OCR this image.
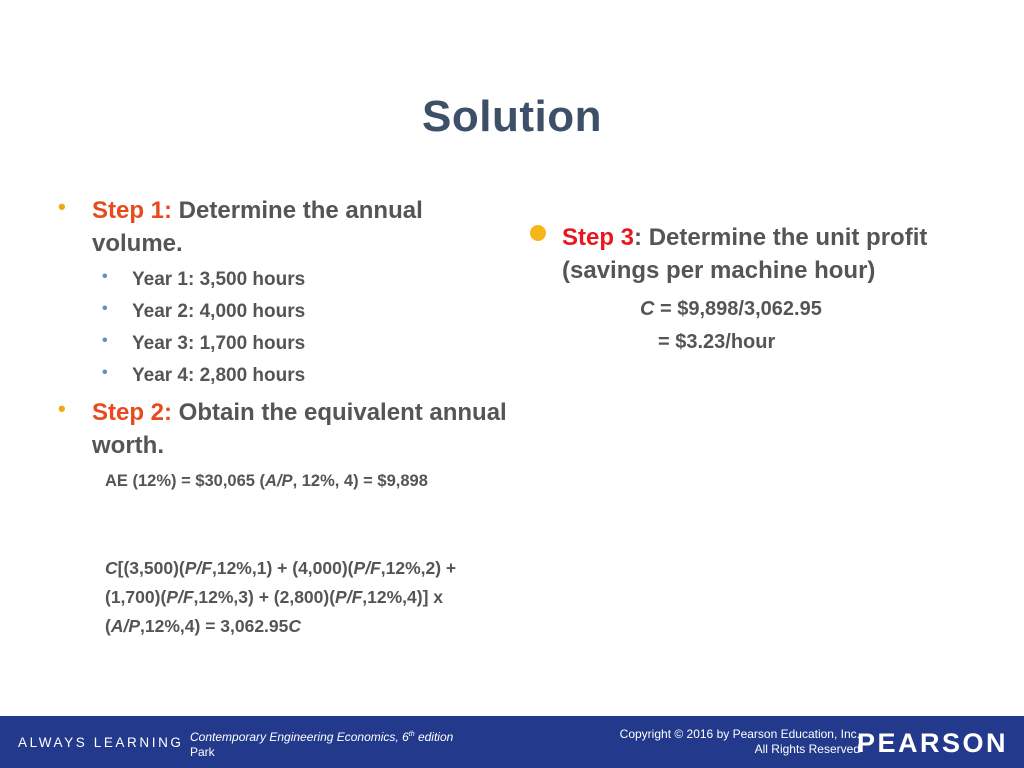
Solution
• Step 1: Determine the annual volume.
• Year 1: 3,500 hours
• Year 2: 4,000 hours
• Year 3: 1,700 hours
• Year 4: 2,800 hours
• Step 2: Obtain the equivalent annual worth.
AE (12%) = $30,065 (A/P, 12%, 4) = $9,898
C[(3,500)(P/F,12%,1) + (4,000)(P/F,12%,2) + (1,700)(P/F,12%,3) + (2,800)(P/F,12%,4)] x (A/P,12%,4) = 3,062.95C
Step 3: Determine the unit profit (savings per machine hour)
C = $9,898/3,062.95
= $3.23/hour
ALWAYS LEARNING Contemporary Engineering Economics, 6th edition
Park
Copyright © 2016 by Pearson Education, Inc.
All Rights Reserved
PEARSON
